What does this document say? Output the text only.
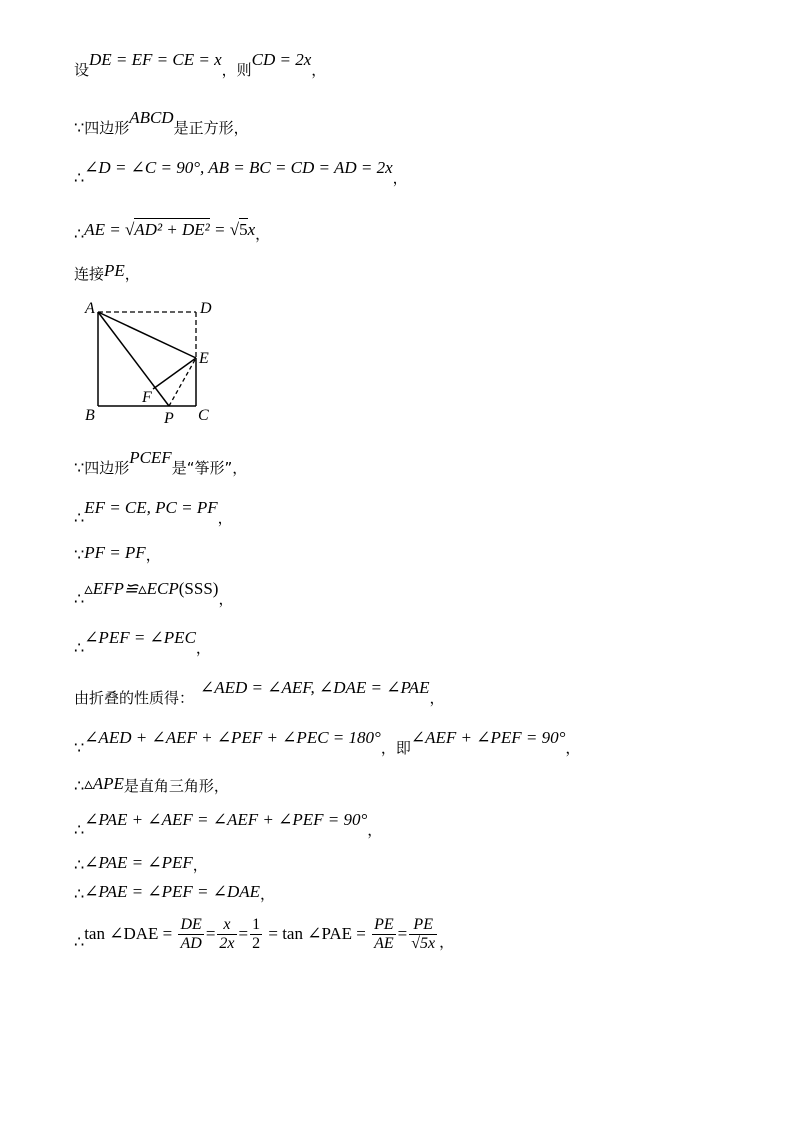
设DE = EF = CE = x，则CD = 2x，
∵四边形ABCD是正方形，
∴∠D = ∠C = 90°, AB = BC = CD = AD = 2x，
∴AE = √AD² + DE² = √5x，
连接PE，
A	D
E
B	C
F
P
∵四边形PCEF是“筝形”，
∴EF = CE, PC = PF，
∵PF = PF，
∴▵EFP≌▵ECP(SSS)，
∴∠PEF = ∠PEC，
由折叠的性质得：∠AED = ∠AEF, ∠DAE = ∠PAE，
∵∠AED + ∠AEF + ∠PEF + ∠PEC = 180°，即∠AEF + ∠PEF = 90°，
∴▵APE是直角三角形，
∴∠PAE + ∠AEF = ∠AEF + ∠PEF = 90°，
∴∠PAE = ∠PEF，
∴∠PAE = ∠PEF = ∠DAE，
∴tan ∠DAE = $\frac{DE}{AD} = \frac{x}{2x} = \frac{1}{2} = \tan$ ∠PAE = $\frac{PE}{AE} = \frac{PE}{√5x}$ ，
